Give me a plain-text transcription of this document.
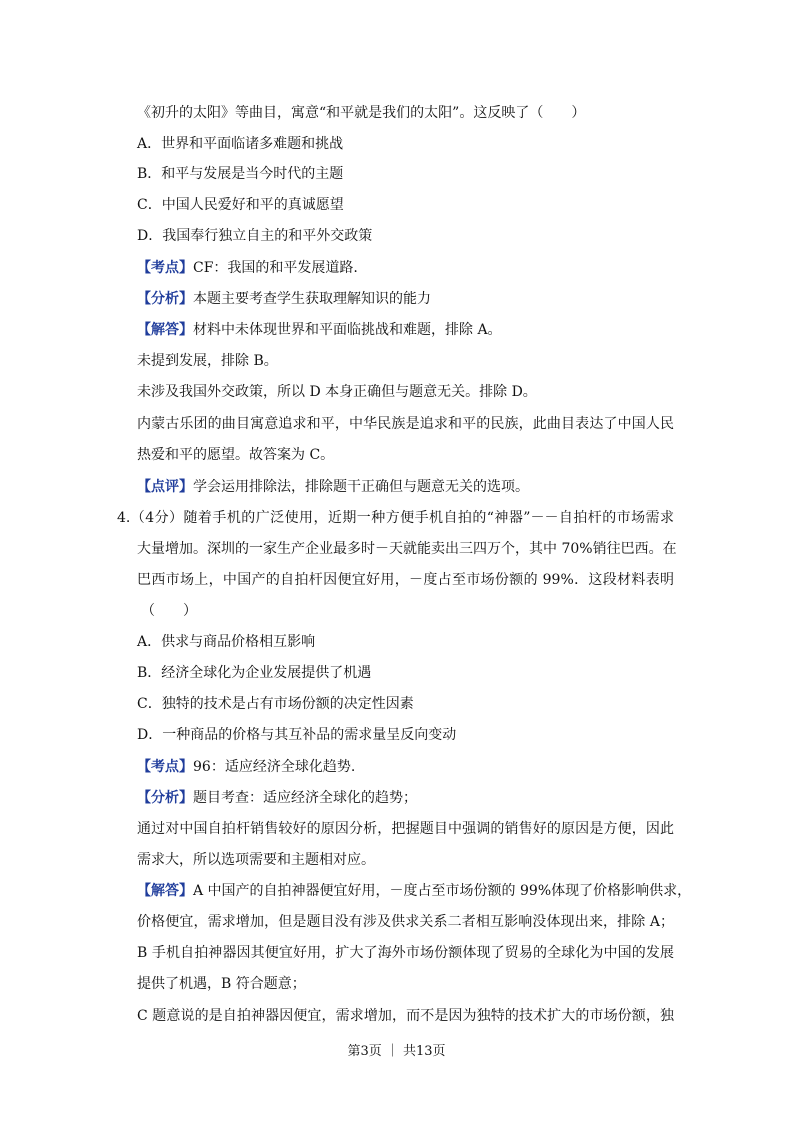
《初升的太阳》等曲目，寓意“和平就是我们的太阳”。这反映了（　　）

A．世界和平面临诸多难题和挑战

B．和平与发展是当今时代的主题

C．中国人民爱好和平的真诚愿望

D．我国奉行独立自主的和平外交政策

【考点】CF：我国的和平发展道路.

【分析】本题主要考查学生获取理解知识的能力

【解答】材料中未体现世界和平面临挑战和难题，排除 A。

未提到发展，排除 B。

未涉及我国外交政策，所以 D 本身正确但与题意无关。排除 D。

内蒙古乐团的曲目寓意追求和平，中华民族是追求和平的民族，此曲目表达了中国人民

热爱和平的愿望。故答案为 C。

【点评】学会运用排除法，排除题干正确但与题意无关的选项。

4.（4分）随着手机的广泛使用，近期一种方便手机自拍的“神器”－－自拍杆的市场需求

大量增加。深圳的一家生产企业最多时－天就能卖出三四万个，其中 70%销往巴西。在

巴西市场上，中国产的自拍杆因便宜好用，－度占至市场份额的 99%．这段材料表明

（　　）

A．供求与商品价格相互影响

B．经济全球化为企业发展提供了机遇

C．独特的技术是占有市场份额的决定性因素

D．一种商品的价格与其互补品的需求量呈反向变动

【考点】96：适应经济全球化趋势.

【分析】题目考查：适应经济全球化的趋势；

通过对中国自拍杆销售较好的原因分析，把握题目中强调的销售好的原因是方便，因此

需求大，所以选项需要和主题相对应。

【解答】A 中国产的自拍神器便宜好用，－度占至市场份额的 99%体现了价格影响供求，

价格便宜，需求增加，但是题目没有涉及供求关系二者相互影响没体现出来，排除 A；

B 手机自拍神器因其便宜好用，扩大了海外市场份额体现了贸易的全球化为中国的发展

提供了机遇，B 符合题意；

C 题意说的是自拍神器因便宜，需求增加，而不是因为独特的技术扩大的市场份额，独

第3页 ｜ 共13页
